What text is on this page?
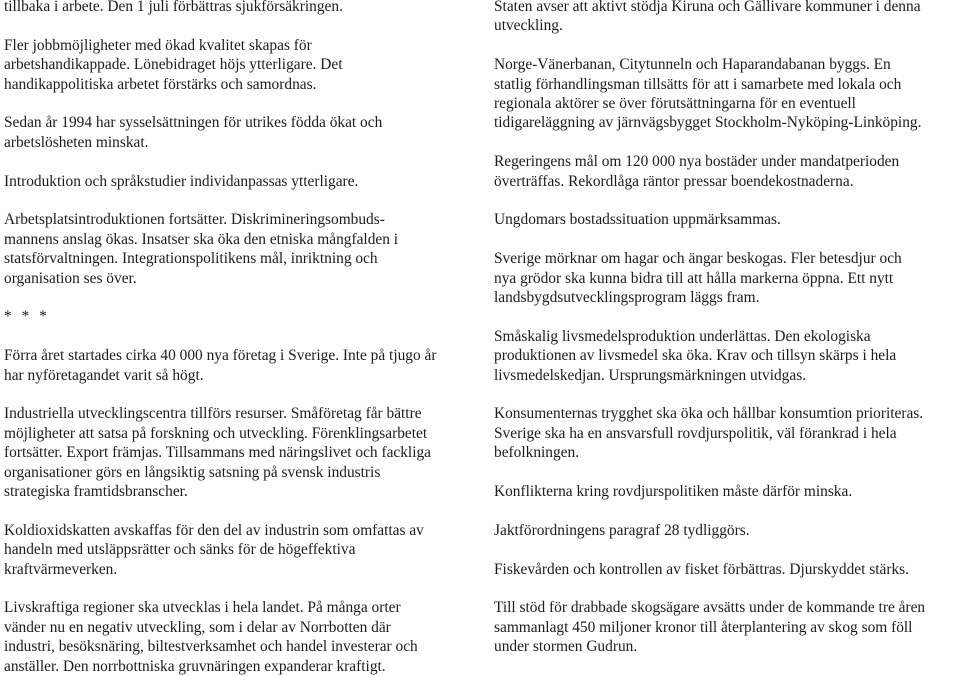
tillbaka i arbete. Den 1 juli förbättras sjukförsäkringen.

Fler jobbmöjligheter med ökad kvalitet skapas för
arbetshandikappade. Lönebidraget höjs ytterligare. Det
handikappolitiska arbetet förstärks och samordnas.

Sedan år 1994 har sysselsättningen för utrikes födda ökat och
arbetslösheten minskat.

Introduktion och språkstudier individanpassas ytterligare.

Arbetsplatsintroduktionen fortsätter. Diskrimineringsombuds-
mannens anslag ökas. Insatser ska öka den etniska mångfalden i
statsförvaltningen. Integrationspolitikens mål, inriktning och
organisation ses över.

* * *

Förra året startades cirka 40 000 nya företag i Sverige. Inte på tjugo år
har nyföretagandet varit så högt.

Industriella utvecklingscentra tillförs resurser. Småföretag får bättre
möjligheter att satsa på forskning och utveckling. Förenklingsarbetet
fortsätter. Export främjas. Tillsammans med näringslivet och fackliga
organisationer görs en långsiktig satsning på svensk industris
strategiska framtidsbranscher.

Koldioxidskatten avskaffas för den del av industrin som omfattas av
handeln med utsläppsrätter och sänks för de högeffektiva
kraftvärmeverken.

Livskraftiga regioner ska utvecklas i hela landet. På många orter
vänder nu en negativ utveckling, som i delar av Norrbotten där
industri, besöksnäring, biltestverksamhet och handel investerar och
anställer. Den norrbottniska gruvnäringen expanderar kraftigt.

Staten avser att aktivt stödja Kiruna och Gällivare kommuner i denna
utveckling.

Norge-Vänerbanan, Citytunneln och Haparandabanan byggs. En
statlig förhandlingsman tillsätts för att i samarbete med lokala och
regionala aktörer se över förutsättningarna för en eventuell
tidigareläggning av järnvägsbygget Stockholm-Nyköping-Linköping.

Regeringens mål om 120 000 nya bostäder under mandatperioden
överträffas. Rekordlåga räntor pressar boendekostnaderna.

Ungdomars bostadssituation uppmärksammas.

Sverige mörknar om hagar och ängar beskogas. Fler betesdjur och
nya grödor ska kunna bidra till att hålla markerna öppna. Ett nytt
landsbygdsutvecklingsprogram läggs fram.

Småskalig livsmedelsproduktion underlättas. Den ekologiska
produktionen av livsmedel ska öka. Krav och tillsyn skärps i hela
livsmedelskedjan. Ursprungsmärkningen utvidgas.

Konsumenternas trygghet ska öka och hållbar konsumtion prioriteras.
Sverige ska ha en ansvarsfull rovdjurspolitik, väl förankrad i hela
befolkningen.

Konflikterna kring rovdjurspolitiken måste därför minska.

Jaktförordningens paragraf 28 tydliggörs.

Fiskevården och kontrollen av fisket förbättras. Djurskyddet stärks.

Till stöd för drabbade skogsägare avsätts under de kommande tre åren
sammanlagt 450 miljoner kronor till återplantering av skog som föll
under stormen Gudrun.
